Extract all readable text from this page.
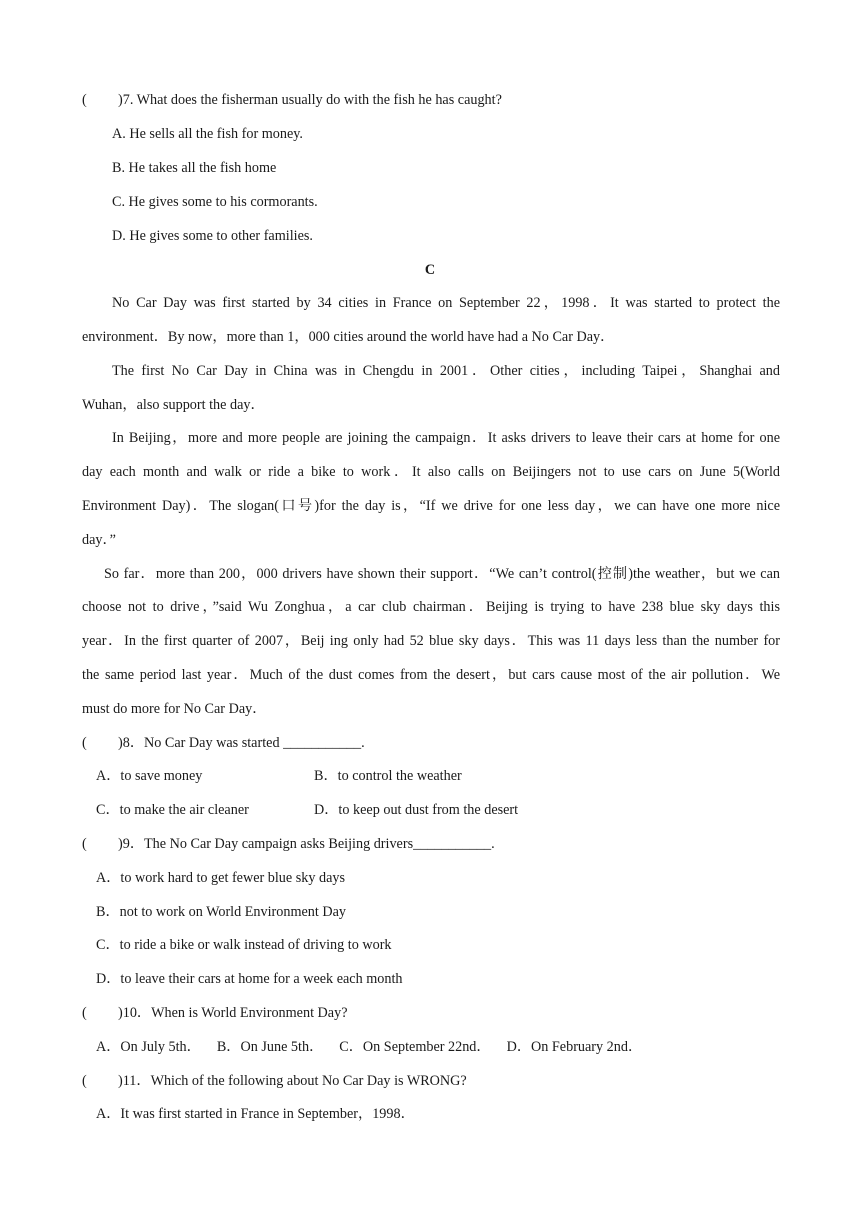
( )7. What does the fisherman usually do with the fish he has caught?
A. He sells all the fish for money.
B. He takes all the fish home
C. He gives some to his cormorants.
D. He gives some to other families.
C
No Car Day was first started by 34 cities in France on September 22，1998．It was started to protect the
environment．By now，more than 1，000 cities around the world have had a No Car Day．
The first No Car Day in China was in Chengdu in 2001．Other cities，including Taipei，Shanghai and
Wuhan，also support the day．
In Beijing，more and more people are joining the campaign．It asks drivers to leave their cars at home for one
day each month and walk or ride a bike to work．It also calls on Beijingers not to use cars on June 5(World
Environment Day)．The slogan(口号)for the day is，“If we drive for one less day，we can have one more nice
day．”
So far．more than 200，000 drivers have shown their support．“We can’t control(控制)the weather，but we can
choose not to drive，”said Wu Zonghua，a car club chairman．Beijing is trying to have 238 blue sky days this
year．In the first quarter of 2007，Beij ing only had 52 blue sky days．This was 11 days less than the number for
the same period last year．Much of the dust comes from the desert，but cars cause most of the air pollution．We
must do more for No Car Day．
( )8．No Car Day was started ___________.
A．to save money	B．to control the weather
C．to make the air cleaner	D．to keep out dust from the desert
( )9．The No Car Day campaign asks Beijing drivers___________.
A．to work hard to get fewer blue sky days
B．not to work on World Environment Day
C．to ride a bike or walk instead of driving to work
D．to leave their cars at home for a week each month
( )10．When is World Environment Day?
A．On July 5th． B．On June 5th． C．On September 22nd． D．On February 2nd．
( )11．Which of the following about No Car Day is WRONG?
A．It was first started in France in September，1998．
